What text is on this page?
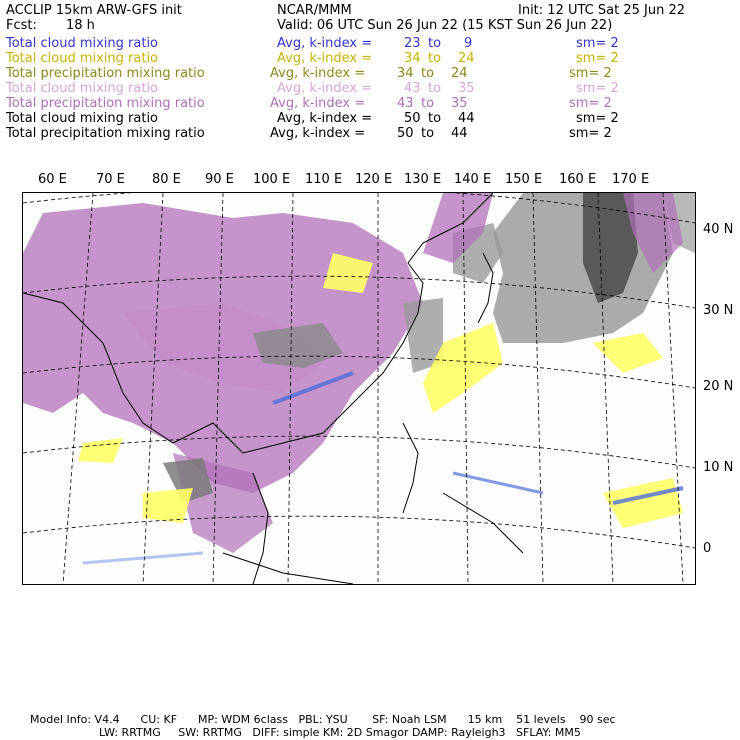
ACCLIP 15km ARW-GFS init	NCAR/MMM	Init: 12 UTC Sat 25 Jun 22
Fcst: 18 h	Valid: 06 UTC Sun 26 Jun 22 (15 KST Sun 26 Jun 22)
Total cloud mixing ratio	Avg, k-index = 23 to 9	sm= 2
Total cloud mixing ratio	Avg, k-index = 34 to 24	sm= 2
Total precipitation mixing ratio	Avg, k-index = 34 to 24	sm= 2
Total cloud mixing ratio	Avg, k-index = 43 to 35	sm= 2
Total precipitation mixing ratio	Avg, k-index = 43 to 35	sm= 2
Total cloud mixing ratio	Avg, k-index = 50 to 44	sm= 2
Total precipitation mixing ratio	Avg, k-index = 50 to 44	sm= 2
60 E 70 E 80 E 90 E 100 E 110 E 120 E 130 E 140 E 150 E 160 E 170 E
40 N
30 N
20 N
10 N
0
Model Info: V4.4      CU: KF      MP: WDM 6class   PBL: YSU       SF: Noah LSM      15 km    51 levels    90 sec
LW: RRTMG     SW: RRTMG   DIFF: simple KM: 2D Smagor DAMP: Rayleigh3   SFLAY: MM5
